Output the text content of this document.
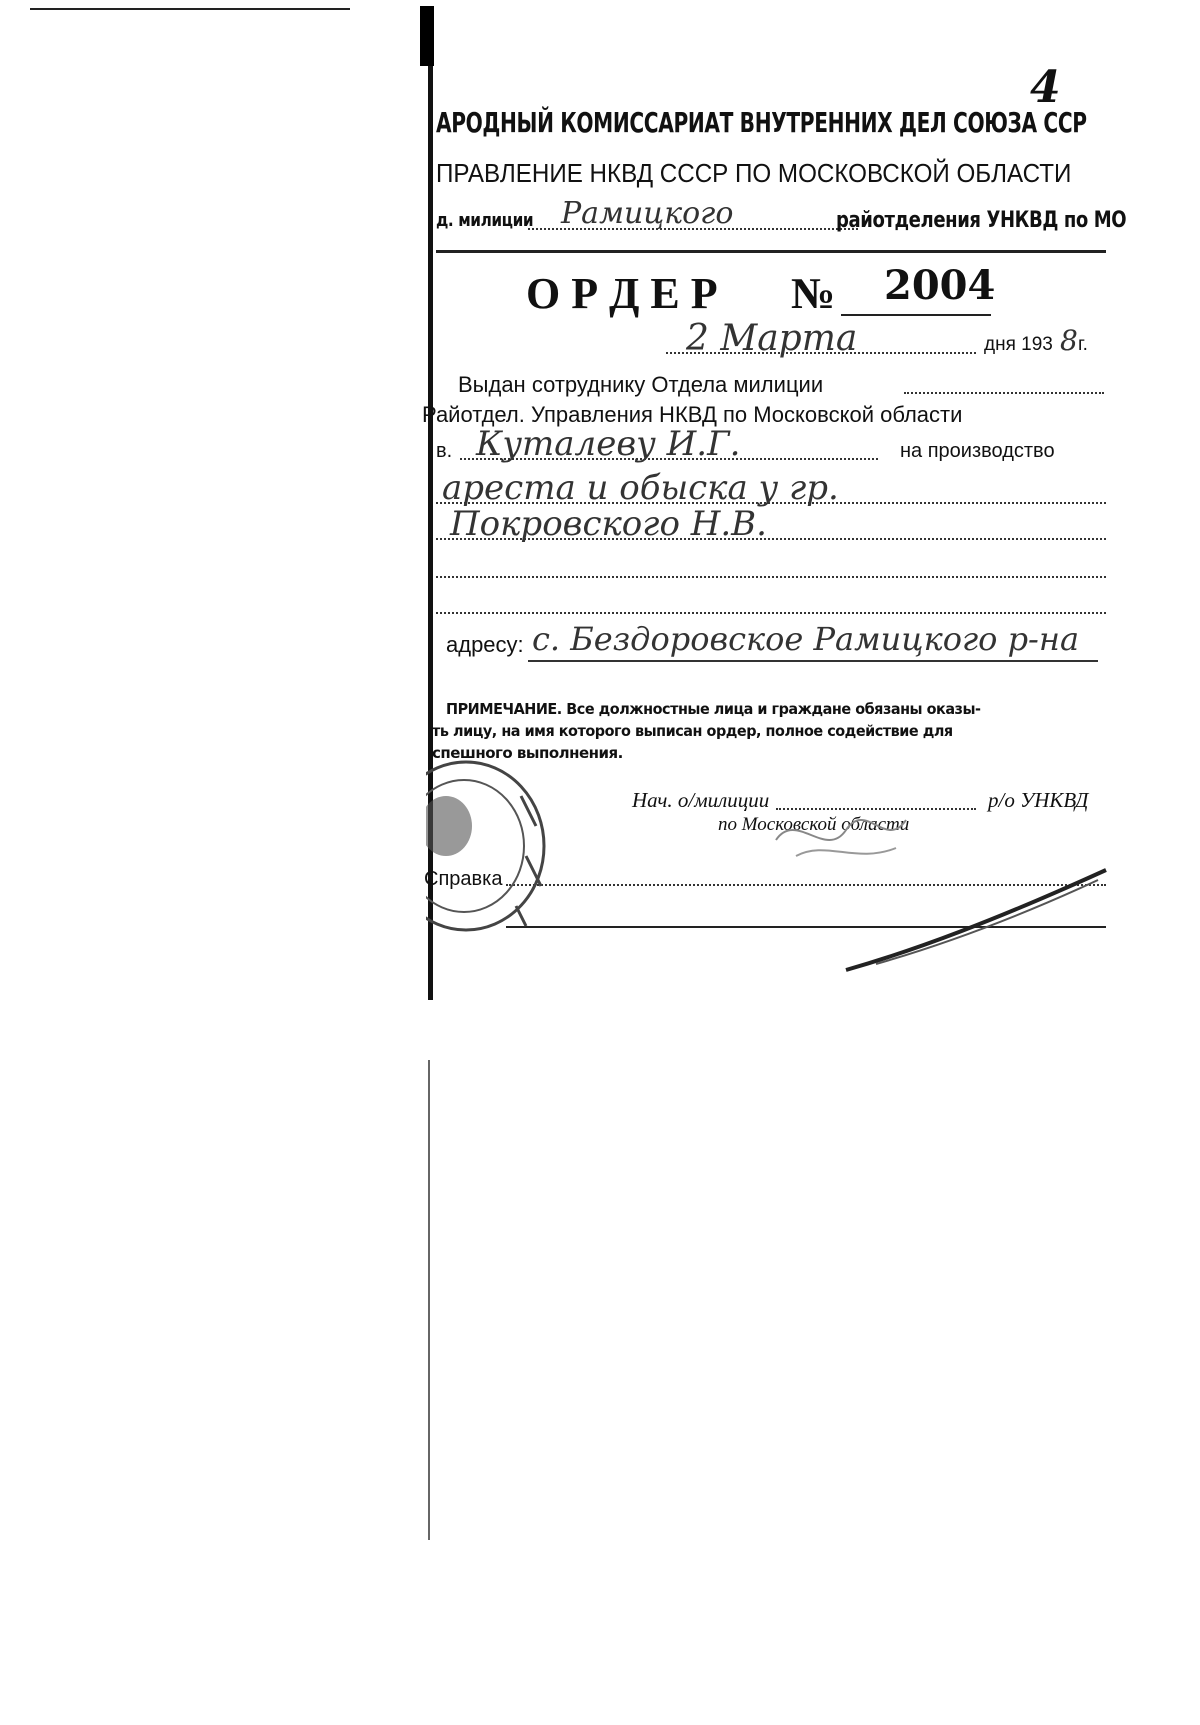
АРОДНЫЙ КОМИССАРИАТ ВНУТРЕННИХ ДЕЛ СОЮЗА ССР
4
ПРАВЛЕНИЕ НКВД СССР ПО МОСКОВСКОЙ ОБЛАСТИ
д. милиции Рамицкого	райотделения УНКВД по МО
О Р Д Е Р № 2004
2 Марта	дня 193 8 г.
Выдан сотруднику Отдела милиции
Райотдел. Управления НКВД по Московской области
в. Куталеву И.Г.	на производство
ареста и обыска у гр.
Покровского Н.В.
адресу: с. Бездоровское Рамицкого р-на
ПРИМЕЧАНИЕ. Все должностные лица и граждане обязаны оказы-
ть лицу, на имя которого выписан ордер, полное содействие для
спешного выполнения.
Нач. о/милиции	р/о УНКВД
по Московской области
Справка
